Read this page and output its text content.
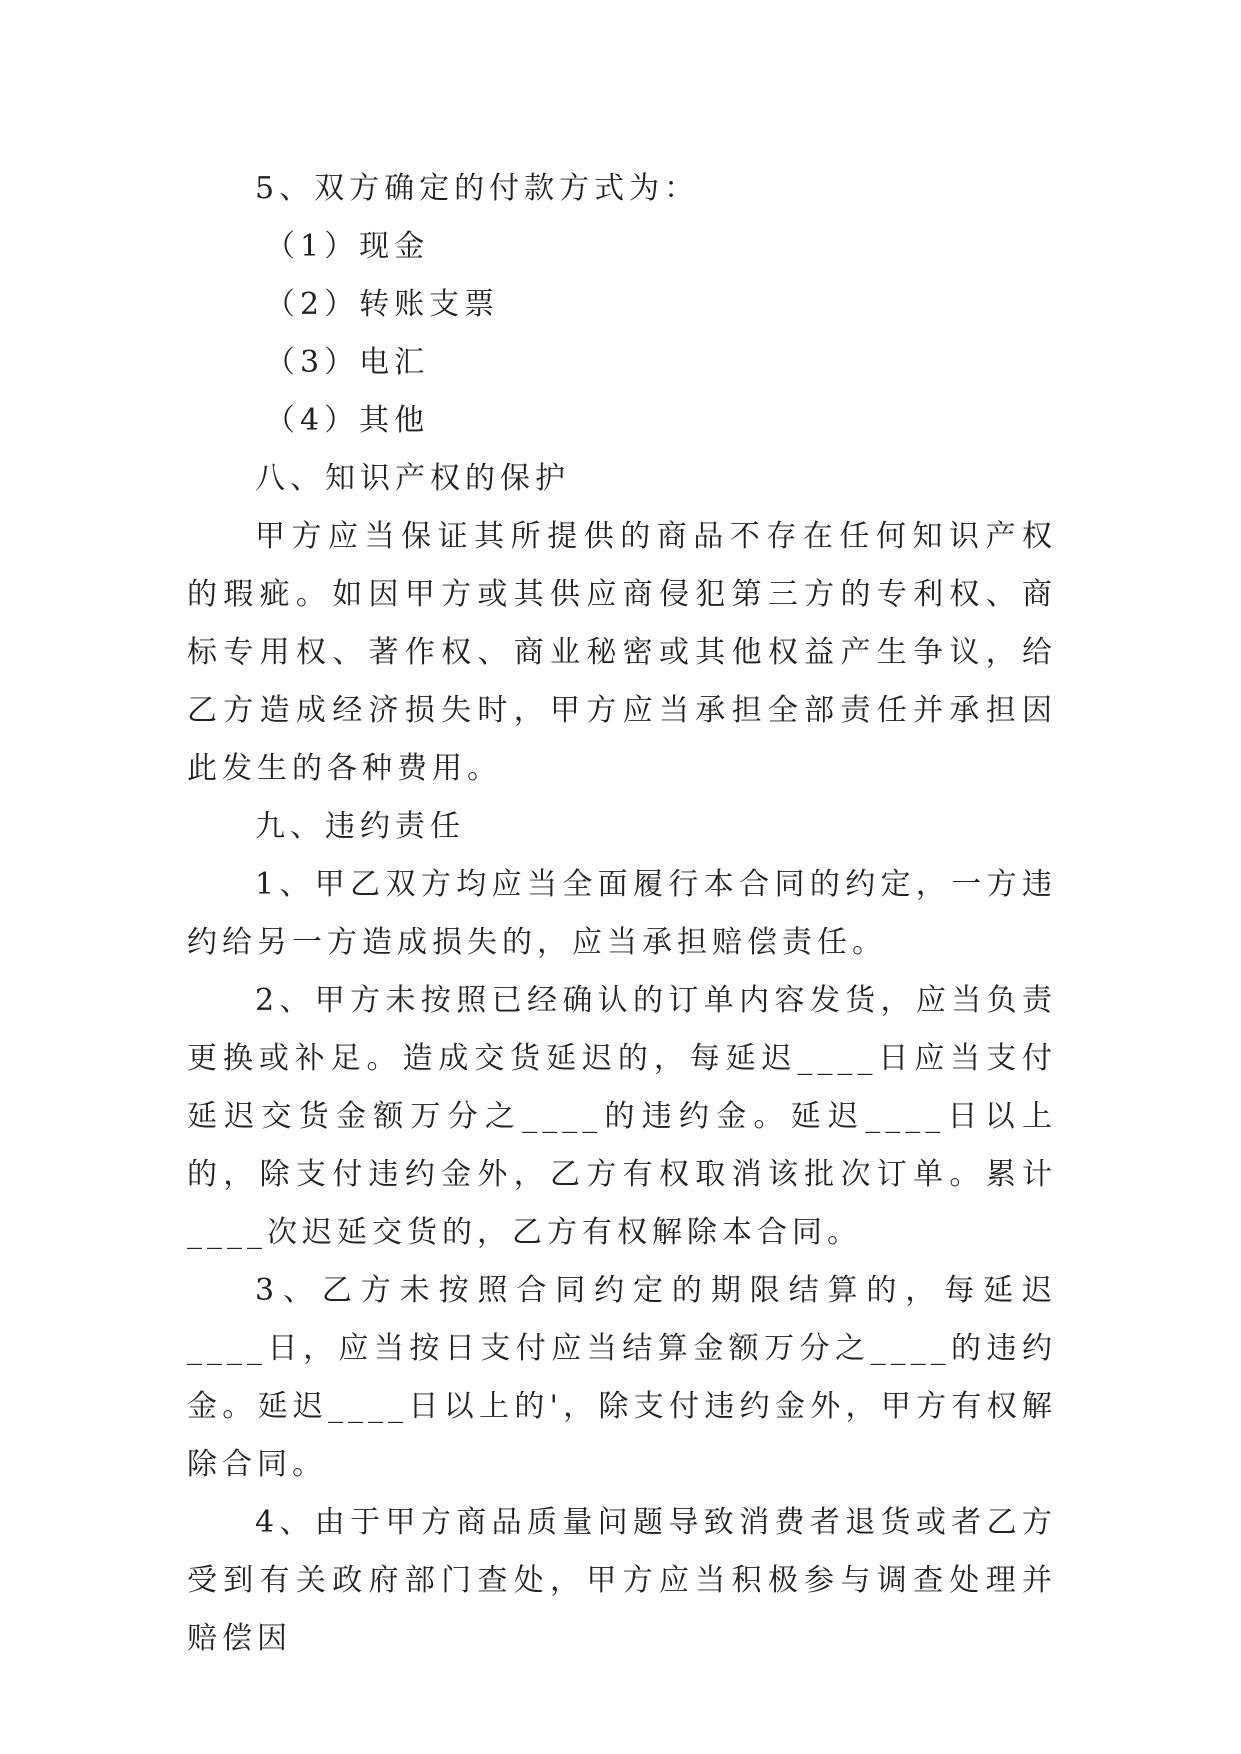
5、双方确定的付款方式为：

（1）现金

（2）转账支票

（3）电汇

（4）其他

八、知识产权的保护

甲方应当保证其所提供的商品不存在任何知识产权的瑕疵。如因甲方或其供应商侵犯第三方的专利权、商标专用权、著作权、商业秘密或其他权益产生争议，给乙方造成经济损失时，甲方应当承担全部责任并承担因此发生的各种费用。

九、违约责任

1、甲乙双方均应当全面履行本合同的约定，一方违约给另一方造成损失的，应当承担赔偿责任。

2、甲方未按照已经确认的订单内容发货，应当负责更换或补足。造成交货延迟的，每延迟____日应当支付延迟交货金额万分之____的违约金。延迟____日以上的，除支付违约金外，乙方有权取消该批次订单。累计____次迟延交货的，乙方有权解除本合同。

3、乙方未按照合同约定的期限结算的，每延迟____日，应当按日支付应当结算金额万分之____的违约金。延迟____日以上的'，除支付违约金外，甲方有权解除合同。

4、由于甲方商品质量问题导致消费者退货或者乙方受到有关政府部门查处，甲方应当积极参与调查处理并赔偿因
